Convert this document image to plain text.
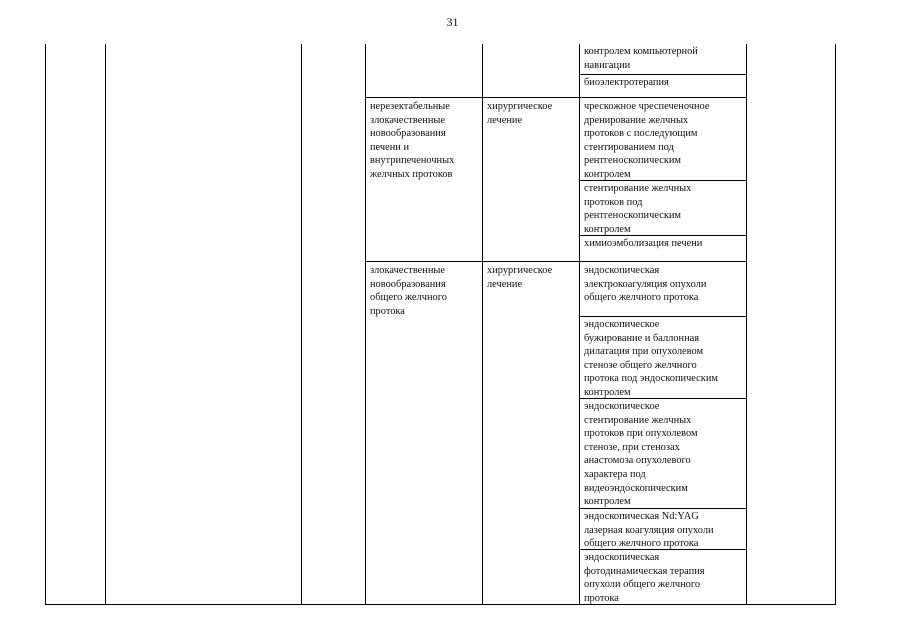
31
контролем компьютерной
навигации
биоэлектротерапия
нерезектабельные
злокачественные
новообразования
печени и
внутрипеченочных
желчных протоков
хирургическое
лечение
чрескожное чреспеченочное
дренирование желчных
протоков с последующим
стентированием под
рентгеноскопическим
контролем
стентирование желчных
протоков под
рентгеноскопическим
контролем
химиоэмболизация печени
злокачественные
новообразования
общего желчного
протока
хирургическое
лечение
эндоскопическая
электрокоагуляция опухоли
общего желчного протока
эндоскопическое
бужирование и баллонная
дилатация при опухолевом
стенозе общего желчного
протока под эндоскопическим
контролем
эндоскопическое
стентирование желчных
протоков при опухолевом
стенозе, при стенозах
анастомоза опухолевого
характера под
видеоэндоскопическим
контролем
эндоскопическая Nd:YAG
лазерная коагуляция опухоли
общего желчного протока
эндоскопическая
фотодинамическая терапия
опухоли общего желчного
протока
